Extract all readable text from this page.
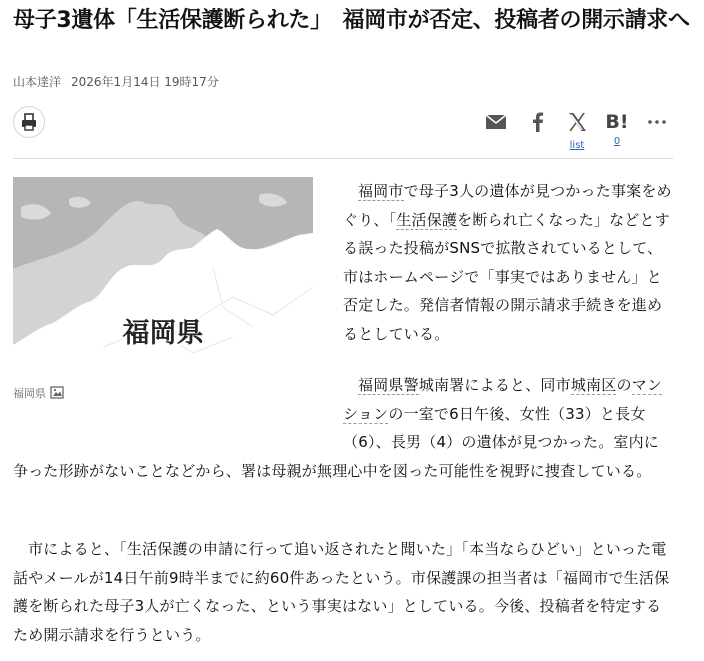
母子3遺体「生活保護断られた」　福岡市が否定、投稿者の開示請求へ
山本達洋 2026年1月14日 19時17分
list
B!
0
福岡県
福岡県

福岡市で母子3人の遺体が見つかった事案をめぐり、「生活保護を断られ亡くなった」などとする誤った投稿がSNSで拡散されているとして、市はホームページで「事実ではありません」と否定した。発信者情報の開示請求手続きを進めるとしている。

福岡県警城南署によると、同市城南区のマンションの一室で6日午後、女性（33）と長女（6）、長男（4）の遺体が見つかった。室内に争った形跡がないことなどから、署は母親が無理心中を図った可能性を視野に捜査している。

市によると、「生活保護の申請に行って追い返されたと聞いた」「本当ならひどい」といった電話やメールが14日午前9時半までに約60件あったという。市保護課の担当者は「福岡市で生活保護を断られた母子3人が亡くなった、という事実はない」としている。今後、投稿者を特定するため開示請求を行うという。
